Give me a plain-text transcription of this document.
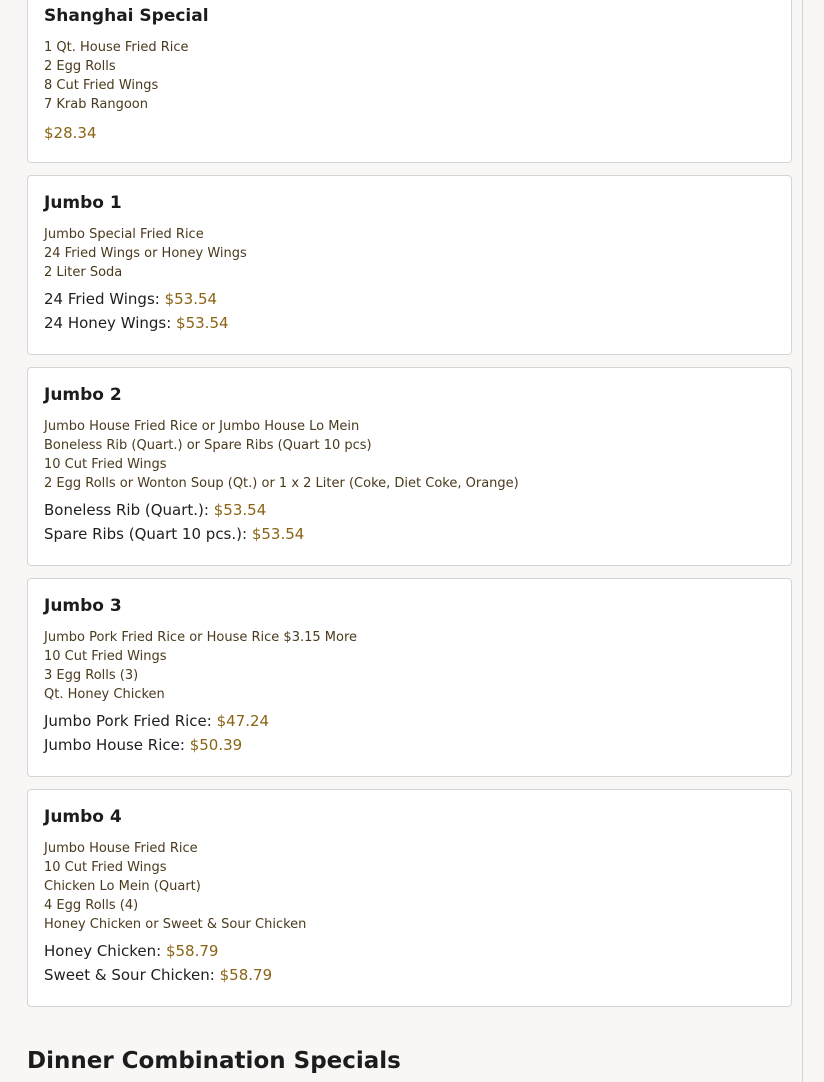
Shanghai Special
1 Qt. House Fried Rice
2 Egg Rolls
8 Cut Fried Wings
7 Krab Rangoon
$28.34
Jumbo 1
Jumbo Special Fried Rice
24 Fried Wings or Honey Wings
2 Liter Soda
24 Fried Wings: $53.54
24 Honey Wings: $53.54
Jumbo 2
Jumbo House Fried Rice or Jumbo House Lo Mein
Boneless Rib (Quart.) or Spare Ribs (Quart 10 pcs)
10 Cut Fried Wings
2 Egg Rolls or Wonton Soup (Qt.) or 1 x 2 Liter (Coke, Diet Coke, Orange)
Boneless Rib (Quart.): $53.54
Spare Ribs (Quart 10 pcs.): $53.54
Jumbo 3
Jumbo Pork Fried Rice or House Rice $3.15 More
10 Cut Fried Wings
3 Egg Rolls (3)
Qt. Honey Chicken
Jumbo Pork Fried Rice: $47.24
Jumbo House Rice: $50.39
Jumbo 4
Jumbo House Fried Rice
10 Cut Fried Wings
Chicken Lo Mein (Quart)
4 Egg Rolls (4)
Honey Chicken or Sweet & Sour Chicken
Honey Chicken: $58.79
Sweet & Sour Chicken: $58.79
Dinner Combination Specials
